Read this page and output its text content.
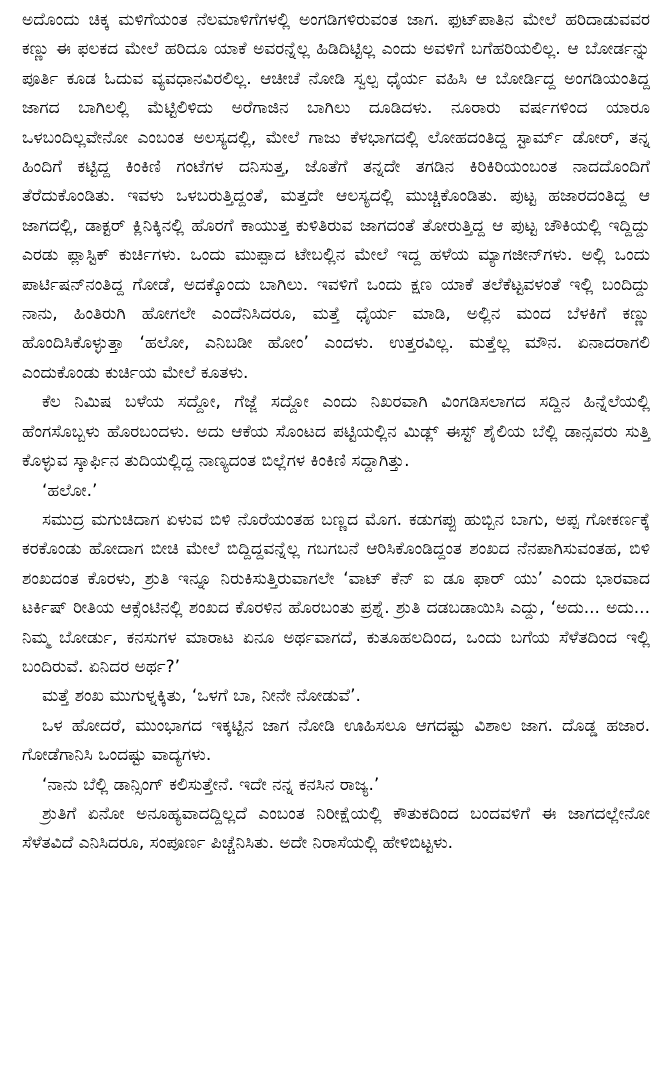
ಅದೊಂದು ಚಿಕ್ಕ ಮಳಿಗೆಯಂತ ನೆಲಮಾಳಿಗೆಗಳಲ್ಲಿ ಅಂಗಡಿಗಳಿರುವಂತ ಜಾಗ. ಫುಟ್‌ಪಾತಿನ ಮೇಲೆ ಹರಿದಾಡುವವರ ಕಣ್ಣು ಈ ಫಲಕದ ಮೇಲೆ ಹರಿದೂ ಯಾಕೆ ಅವರನ್ನೆಲ್ಲ ಹಿಡಿದಿಟ್ಟಿಲ್ಲ ಎಂದು ಅವಳಿಗೆ ಬಗೆಹರಿಯಲಿಲ್ಲ. ಆ ಬೋರ್ಡನ್ನು ಪೂರ್ತಿ ಕೂಡ ಓದುವ ವ್ಯವಧಾನವಿರಲಿಲ್ಲ. ಆಚೀಚೆ ನೋಡಿ ಸ್ವಲ್ಪ ಧೈರ್ಯ ವಹಿಸಿ ಆ ಬೋರ್ಡಿದ್ದ ಅಂಗಡಿಯಂತಿದ್ದ ಜಾಗದ ಬಾಗಿಲಲ್ಲಿ ಮೆಟ್ಟಿಲಿಳಿದು ಅರೆಗಾಜಿನ ಬಾಗಿಲು ದೂಡಿದಳು. ನೂರಾರು ವರ್ಷಗಳಿಂದ ಯಾರೂ ಒಳಬಂದಿಲ್ಲವೇನೋ ಎಂಬಂತ ಅಲಸ್ಯದಲ್ಲಿ, ಮೇಲೆ ಗಾಜು ಕೆಳಭಾಗದಲ್ಲಿ ಲೋಹದಂತಿದ್ದ ಸ್ಟಾರ್ಮ್ ಡೋರ್, ತನ್ನ ಹಿಂದಿಗೆ ಕಟ್ಟಿದ್ದ ಕಿಂಕಿಣಿ ಗಂಟೆಗಳ ದನಿಸುತ್ತ, ಜೊತೆಗೆ ತನ್ನದೇ ತಗಡಿನ ಕಿರಿಕಿರಿಯಂಬಂತ ನಾದದೊಂದಿಗೆ ತೆರೆದುಕೊಂಡಿತು. ಇವಳು ಒಳಬರುತ್ತಿದ್ದಂತೆ, ಮತ್ತದೇ ಆಲಸ್ಯದಲ್ಲಿ ಮುಚ್ಚಿಕೊಂಡಿತು. ಪುಟ್ಟ ಹಜಾರದಂತಿದ್ದ ಆ ಜಾಗದಲ್ಲಿ, ಡಾಕ್ಟರ್ ಕ್ಲಿನಿಕ್ಕಿನಲ್ಲಿ ಹೊರಗೆ ಕಾಯುತ್ತ ಕುಳಿತಿರುವ ಜಾಗದಂತೆ ತೋರುತ್ತಿದ್ದ ಆ ಪುಟ್ಟ ಚೌಕಿಯಲ್ಲಿ ಇದ್ದಿದ್ದು ಎರಡು ಪ್ಲಾಸ್ಟಿಕ್ ಕುರ್ಚಿಗಳು. ಒಂದು ಮುಪ್ಪಾದ ಟೇಬಲ್ಲಿನ ಮೇಲೆ ಇದ್ದ ಹಳೆಯ ಮ್ಯಾಗಜೀನ್‌ಗಳು. ಅಲ್ಲಿ ಒಂದು ಪಾರ್ಟಿಷನ್‌ನಂತಿದ್ದ ಗೋಡೆ, ಅದಕ್ಕೊಂದು ಬಾಗಿಲು. ಇವಳಿಗೆ ಒಂದು ಕ್ಷಣ ಯಾಕೆ ತಲೆಕೆಟ್ಟವಳಂತೆ ಇಲ್ಲಿ ಬಂದಿದ್ದು ನಾನು, ಹಿಂತಿರುಗಿ ಹೋಗಲೇ ಎಂದೆನಿಸಿದರೂ, ಮತ್ತೆ ಧೈರ್ಯ ಮಾಡಿ, ಅಲ್ಲಿನ ಮಂದ ಬೆಳಕಿಗೆ ಕಣ್ಣು ಹೊಂದಿಸಿಕೊಳ್ಳುತ್ತಾ ‘ಹಲೋ, ಎನಿಬಡೀ ಹೋಂ’ ಎಂದಳು. ಉತ್ತರವಿಲ್ಲ. ಮತ್ತೆಲ್ಲ ಮೌನ. ಏನಾದರಾಗಲಿ ಎಂದುಕೊಂಡು ಕುರ್ಚಿಯ ಮೇಲೆ ಕೂತಳು.

ಕೆಲ ನಿಮಿಷ ಬಳೆಯ ಸದ್ದೋ, ಗೆಜ್ಜೆ ಸದ್ದೋ ಎಂದು ನಿಖರವಾಗಿ ವಿಂಗಡಿಸಲಾಗದ ಸದ್ದಿನ ಹಿನ್ನೆಲೆಯಲ್ಲಿ ಹೆಂಗಸೊಬ್ಬಳು ಹೊರಬಂದಳು. ಅದು ಆಕೆಯ ಸೊಂಟದ ಪಟ್ಟಿಯಲ್ಲಿನ ಮಿಡ್ಲ್ ಈಸ್ಟ್ ಶೈಲಿಯ ಬೆಲ್ಲಿ ಡಾನ್ಸವರು ಸುತ್ತಿ ಕೊಳ್ಳುವ ಸ್ಕಾರ್ಫಿನ ತುದಿಯಲ್ಲಿದ್ದ ನಾಣ್ಯದಂತ ಬಿಲ್ಲೆಗಳ ಕಿಂಕಿಣಿ ಸದ್ದಾಗಿತ್ತು.

‘ಹಲೋ.’

ಸಮುದ್ರ ಮಗುಚಿದಾಗ ಏಳುವ ಬಿಳಿ ನೊರೆಯಂತಹ ಬಣ್ಣದ ಮೊಗ. ಕಡುಗಪ್ಪು ಹುಬ್ಬಿನ ಬಾಗು, ಅಪ್ಪ ಗೋಕರ್ಣಕ್ಕೆ ಕರಕೊಂಡು ಹೋದಾಗ ಬೀಚಿ ಮೇಲೆ ಬಿದ್ದಿದ್ದವನ್ನೆಲ್ಲ ಗಬಗಬನೆ ಆರಿಸಿಕೊಂಡಿದ್ದಂತ ಶಂಖದ ನೆನಪಾಗಿಸುವಂತಹ, ಬಿಳಿ ಶಂಖದಂತ ಕೊರಳು, ಶ್ರುತಿ ಇನ್ನೂ ನಿರುಕಿಸುತ್ತಿರುವಾಗಲೇ ‘ವಾಟ್ ಕೆನ್ ಐ ಡೂ ಫಾರ್ ಯು’ ಎಂದು ಭಾರವಾದ ಟರ್ಕಿಷ್ ರೀತಿಯ ಆಕ್ಸೆಂಟಿನಲ್ಲಿ ಶಂಖದ ಕೊರಳಿನ ಹೊರಬಂತು ಪ್ರಶ್ನೆ. ಶ್ರುತಿ ದಡಬಡಾಯಿಸಿ ಎದ್ದು, ‘ಅದು... ಅದು... ನಿಮ್ಮ ಬೋರ್ಡು, ಕನಸುಗಳ ಮಾರಾಟ ಏನೂ ಅರ್ಥವಾಗದೆ, ಕುತೂಹಲದಿಂದ, ಒಂದು ಬಗೆಯ ಸೆಳೆತದಿಂದ ಇಲ್ಲಿ ಬಂದಿರುವೆ. ಏನಿದರ ಅರ್ಥ?’

ಮತ್ತೆ ಶಂಖ ಮುಗುಳ್ನಕ್ಕಿತು, ‘ಒಳಗೆ ಬಾ, ನೀನೇ ನೋಡುವೆ’.

ಒಳ ಹೋದರೆ, ಮುಂಭಾಗದ ಇಕ್ಕಟ್ಟಿನ ಜಾಗ ನೋಡಿ ಊಹಿಸಲೂ ಆಗದಷ್ಟು ವಿಶಾಲ ಜಾಗ. ದೊಡ್ಡ ಹಜಾರ. ಗೋಡೆಗಾನಿಸಿ ಒಂದಷ್ಟು ವಾದ್ಯಗಳು.

‘ನಾನು ಬೆಲ್ಲಿ ಡಾನ್ಸಿಂಗ್ ಕಲಿಸುತ್ತೇನೆ. ಇದೇ ನನ್ನ ಕನಸಿನ ರಾಜ್ಯ.’

ಶ್ರುತಿಗೆ ಏನೋ ಅನೂಹ್ಯವಾದದ್ದಿಲ್ಲದೆ ಎಂಬಂತ ನಿರೀಕ್ಷೆಯಲ್ಲಿ ಕೌತುಕದಿಂದ ಬಂದವಳಿಗೆ ಈ ಜಾಗದಲ್ಲೇನೋ ಸೆಳೆತವಿದೆ ಎನಿಸಿದರೂ, ಸಂಪೂರ್ಣ ಪಿಚ್ಚೆನಿಸಿತು. ಅದೇ ನಿರಾಸೆಯಲ್ಲಿ ಹೇಳಿಬಿಟ್ಟಳು.
